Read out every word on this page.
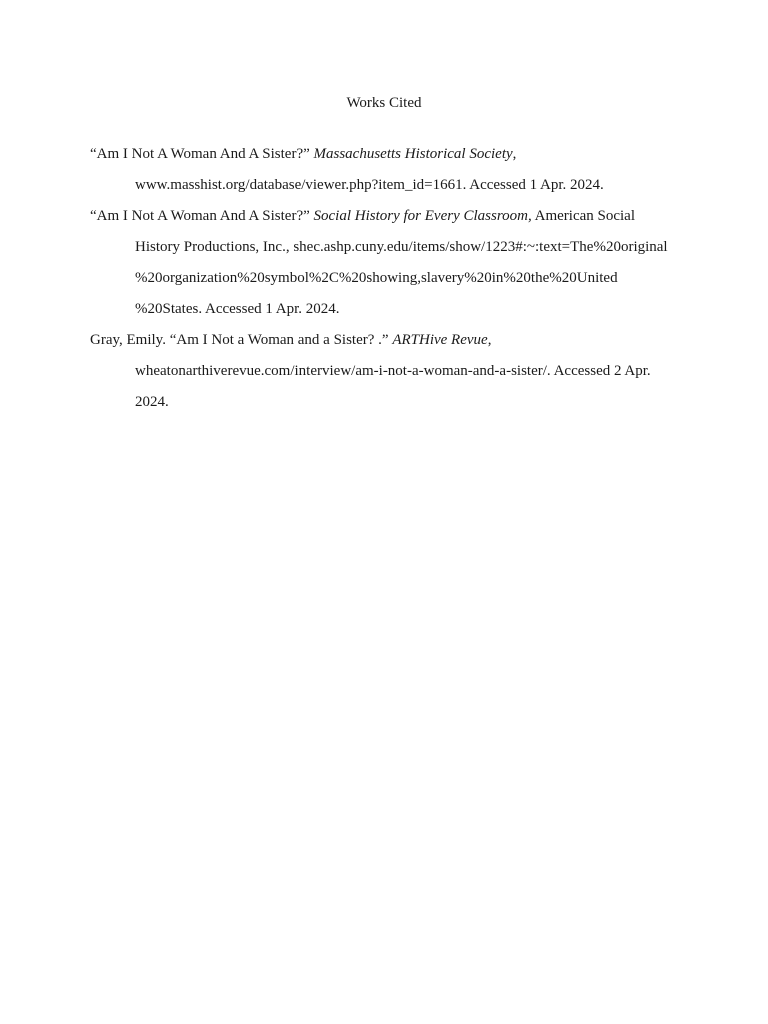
Works Cited
“Am I Not A Woman And A Sister?” Massachusetts Historical Society,
www.masshist.org/database/viewer.php?item_id=1661. Accessed 1 Apr. 2024.
“Am I Not A Woman And A Sister?” Social History for Every Classroom, American Social
History Productions, Inc., shec.ashp.cuny.edu/items/show/1223#:~:text=The%20original
%20organization%20symbol%2C%20showing,slavery%20in%20the%20United
%20States. Accessed 1 Apr. 2024.
Gray, Emily. “Am I Not a Woman and a Sister? .” ARTHive Revue,
wheatonarthiverevue.com/interview/am-i-not-a-woman-and-a-sister/. Accessed 2 Apr.
2024.
